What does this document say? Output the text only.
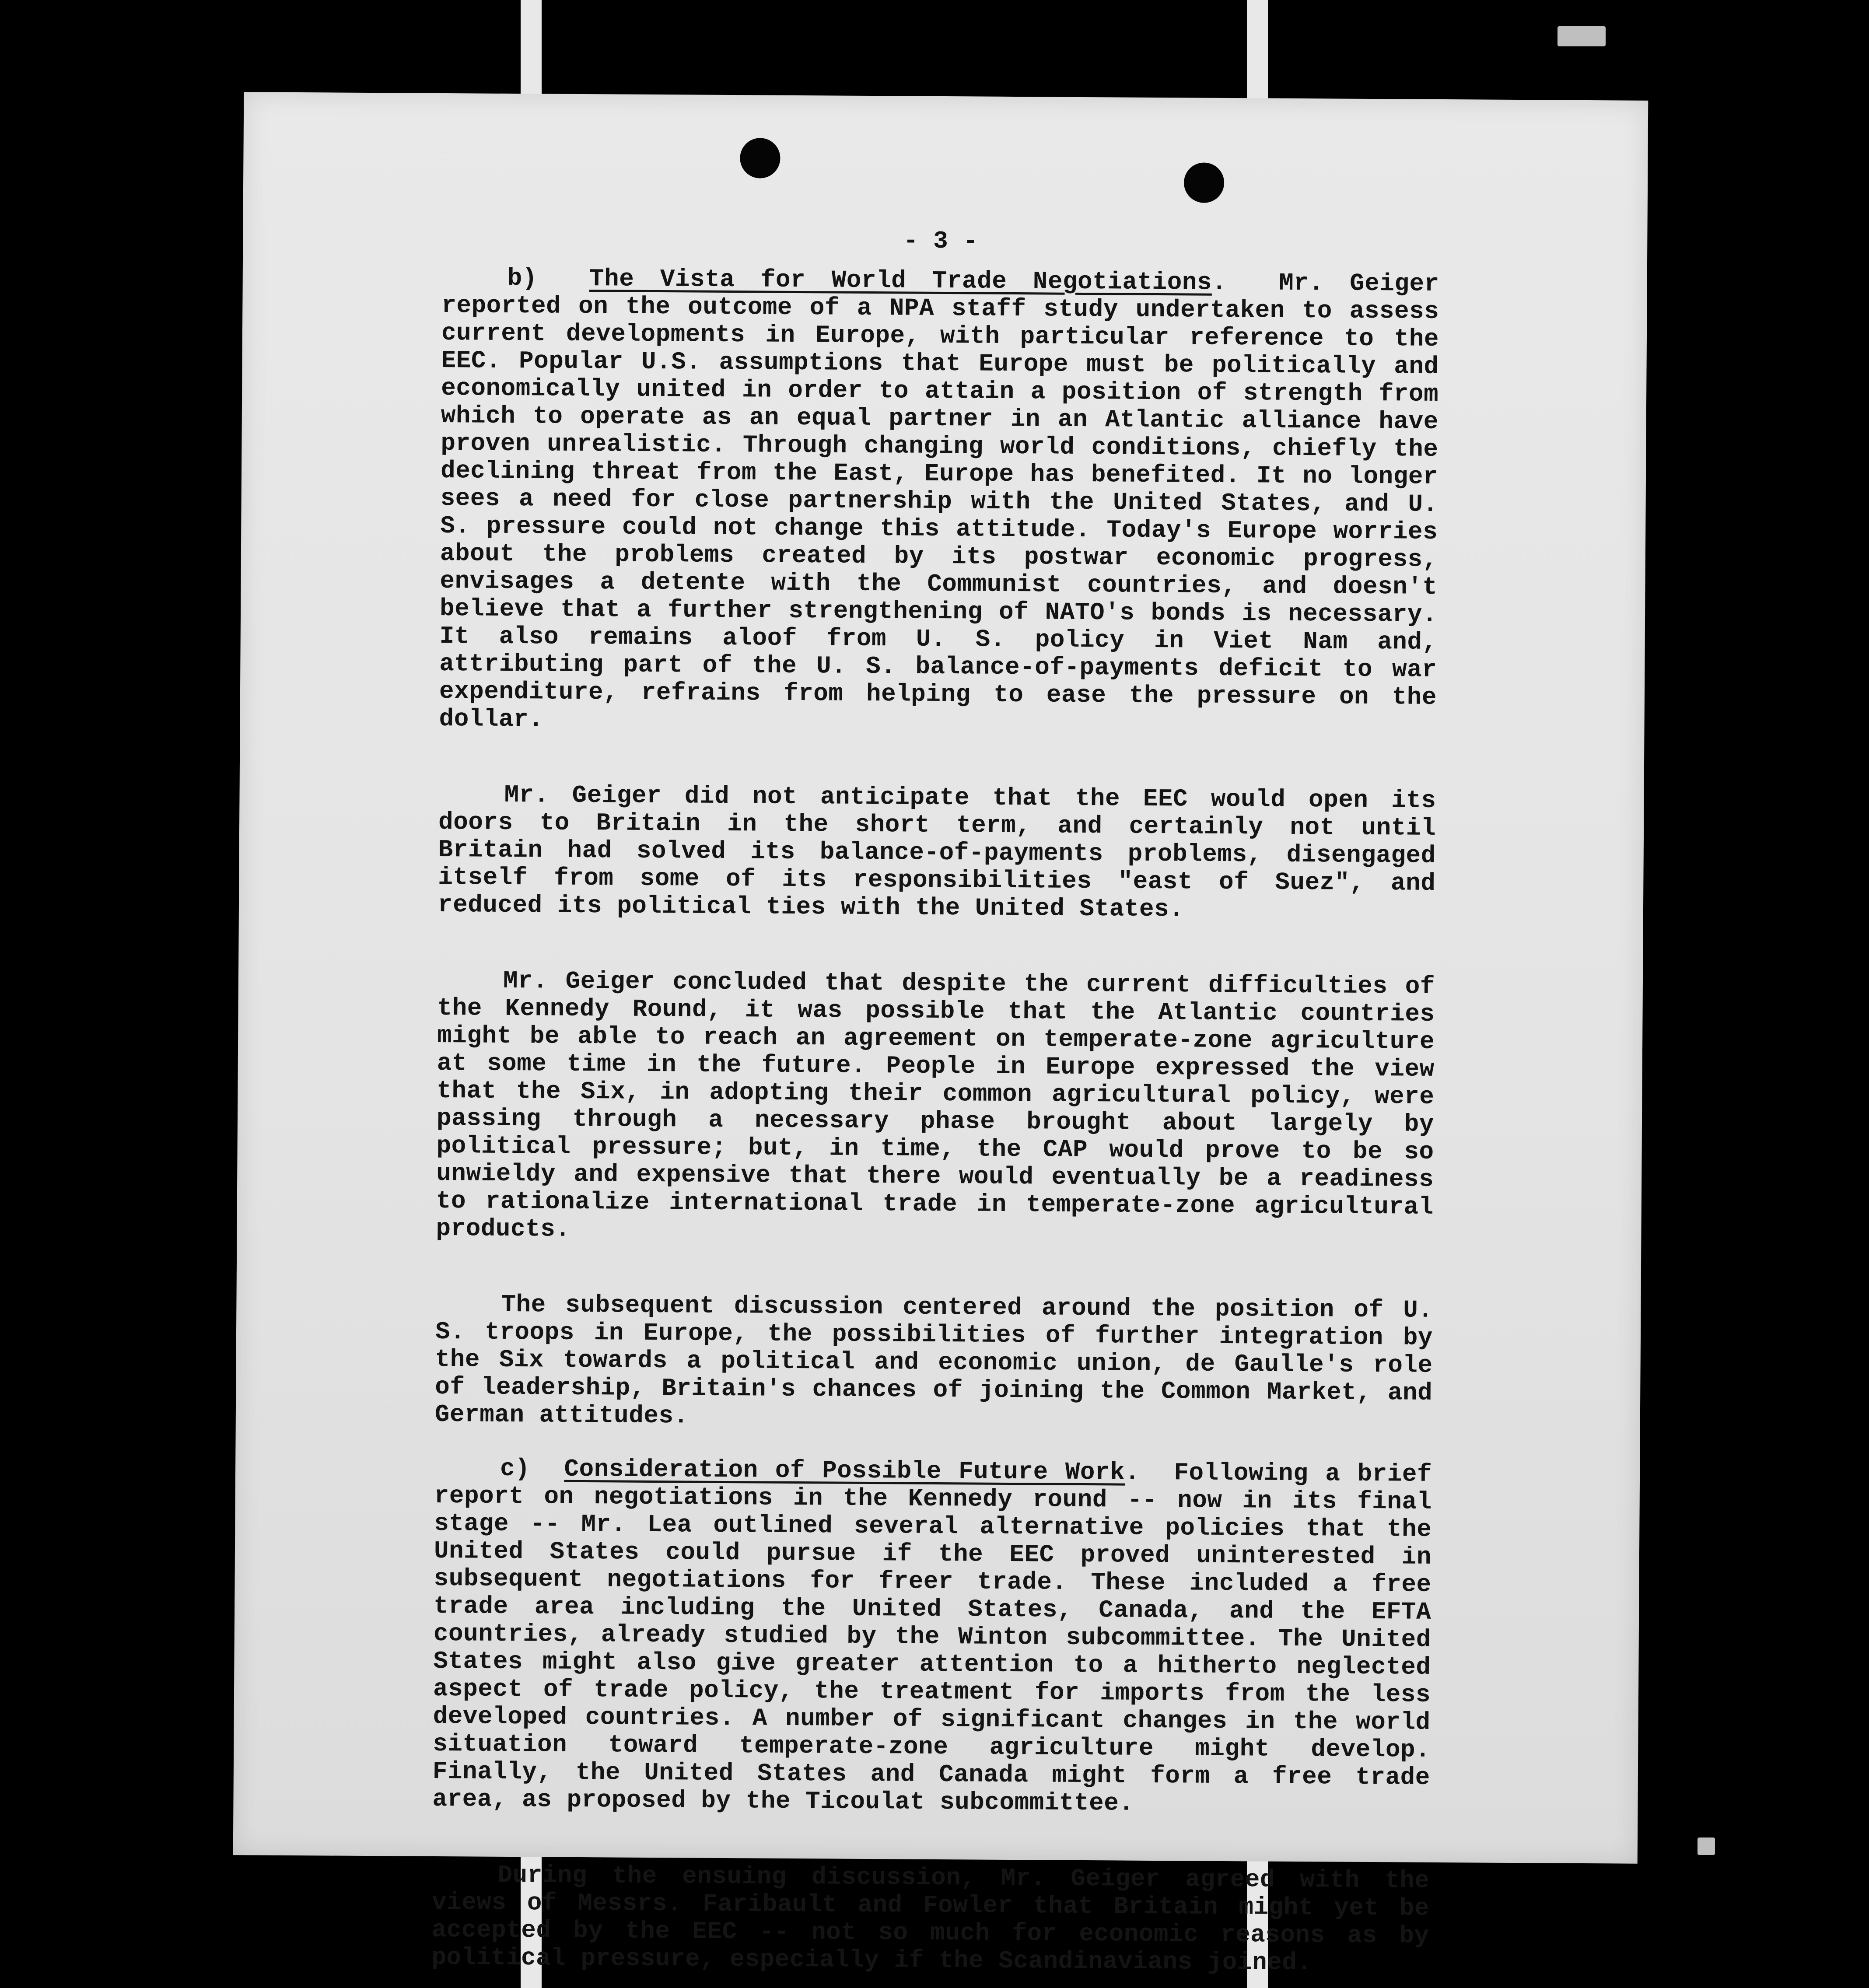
- 3 -

b) The Vista for World Trade Negotiations.  Mr. Geiger reported on the outcome of a NPA staff study undertaken to assess current developments in Europe, with particular reference to the EEC. Popular U.S. assumptions that Europe must be politically and economically united in order to attain a position of strength from which to operate as an equal partner in an Atlantic alliance have proven unrealistic. Through changing world conditions, chiefly the declining threat from the East, Europe has benefited. It no longer sees a need for close partnership with the United States, and U. S. pressure could not change this attitude. Today's Europe worries about the problems created by its postwar economic progress, envisages a detente with the Communist countries, and doesn't believe that a further strengthening of NATO's bonds is necessary. It also remains aloof from U. S. policy in Viet Nam and, attributing part of the U. S. balance-of-payments deficit to war expenditure, refrains from helping to ease the pressure on the dollar.

Mr. Geiger did not anticipate that the EEC would open its doors to Britain in the short term, and certainly not until Britain had solved its balance-of-payments problems, disengaged itself from some of its responsibilities "east of Suez", and reduced its political ties with the United States.

Mr. Geiger concluded that despite the current difficulties of the Kennedy Round, it was possible that the Atlantic countries might be able to reach an agreement on temperate-zone agriculture at some time in the future. People in Europe expressed the view that the Six, in adopting their common agricultural policy, were passing through a necessary phase brought about largely by political pressure; but, in time, the CAP would prove to be so unwieldy and expensive that there would eventually be a readiness to rationalize international trade in temperate-zone agricultural products.

The subsequent discussion centered around the position of U. S. troops in Europe, the possibilities of further integration by the Six towards a political and economic union, de Gaulle's role of leadership, Britain's chances of joining the Common Market, and German attitudes.

c) Consideration of Possible Future Work.  Following a brief report on negotiations in the Kennedy round -- now in its final stage -- Mr. Lea outlined several alternative policies that the United States could pursue if the EEC proved uninterested in subsequent negotiations for freer trade. These included a free trade area including the United States, Canada, and the EFTA countries, already studied by the Winton subcommittee. The United States might also give greater attention to a hitherto neglected aspect of trade policy, the treatment for imports from the less developed countries. A number of significant changes in the world situation toward temperate-zone agriculture might develop. Finally, the United States and Canada might form a free trade area, as proposed by the Ticoulat subcommittee.

During the ensuing discussion, Mr. Geiger agreed with the views of Messrs. Faribault and Fowler that Britain might yet be accepted by the EEC -- not so much for economic reasons as by political pressure, especially if the Scandinavians joined.
